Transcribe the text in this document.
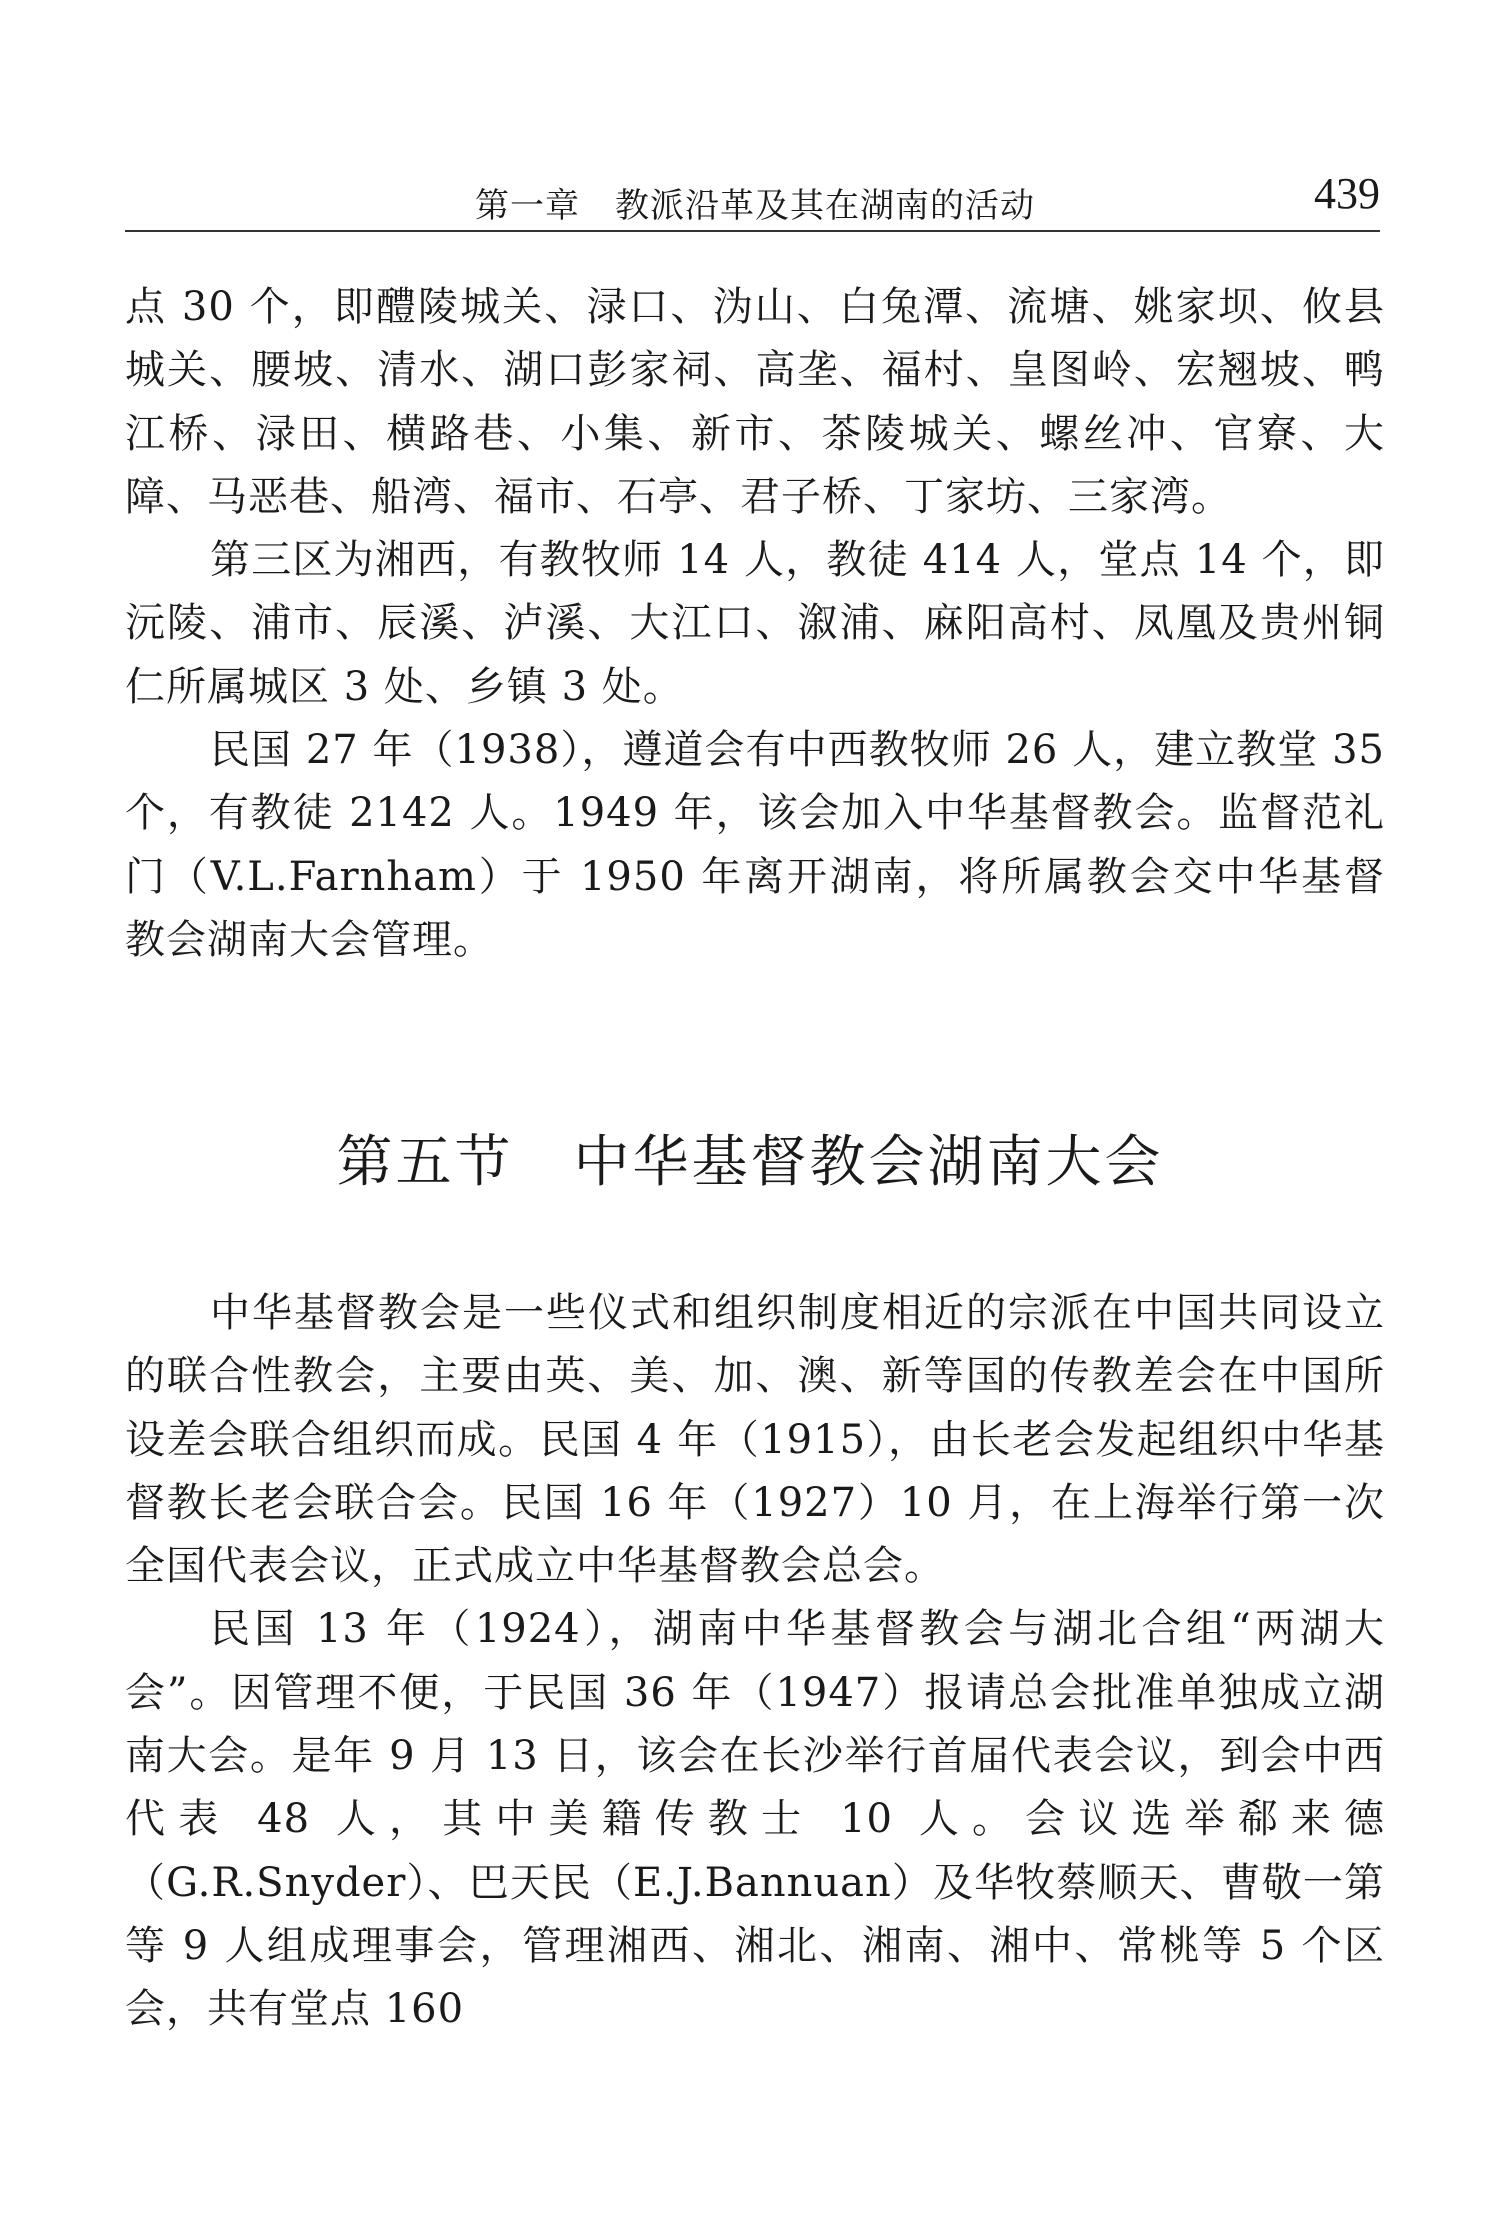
第一章　教派沿革及其在湖南的活动	439

点 30 个，即醴陵城关、渌口、沩山、白兔潭、流塘、姚家坝、攸县城关、腰坡、清水、湖口彭家祠、高垄、福村、皇图岭、宏翘坡、鸭江桥、渌田、横路巷、小集、新市、茶陵城关、螺丝冲、官寮、大障、马恶巷、船湾、福市、石亭、君子桥、丁家坊、三家湾。

第三区为湘西，有教牧师 14 人，教徒 414 人，堂点 14 个，即沅陵、浦市、辰溪、泸溪、大江口、溆浦、麻阳高村、凤凰及贵州铜仁所属城区 3 处、乡镇 3 处。

民国 27 年（1938），遵道会有中西教牧师 26 人，建立教堂 35 个，有教徒 2142 人。1949 年，该会加入中华基督教会。监督范礼门（V.L.Farnham）于 1950 年离开湖南，将所属教会交中华基督教会湖南大会管理。

第五节 中华基督教会湖南大会

中华基督教会是一些仪式和组织制度相近的宗派在中国共同设立的联合性教会，主要由英、美、加、澳、新等国的传教差会在中国所设差会联合组织而成。民国 4 年（1915），由长老会发起组织中华基督教长老会联合会。民国 16 年（1927）10 月，在上海举行第一次全国代表会议，正式成立中华基督教会总会。

民国 13 年（1924），湖南中华基督教会与湖北合组“两湖大会”。因管理不便，于民国 36 年（1947）报请总会批准单独成立湖南大会。是年 9 月 13 日，该会在长沙举行首届代表会议，到会中西代表 48 人，其中美籍传教士 10 人。会议选举郗来德（G.R.Snyder）、巴天民（E.J.Bannuan）及华牧蔡顺天、曹敬一第等 9 人组成理事会，管理湘西、湘北、湘南、湘中、常桃等 5 个区会，共有堂点 160
